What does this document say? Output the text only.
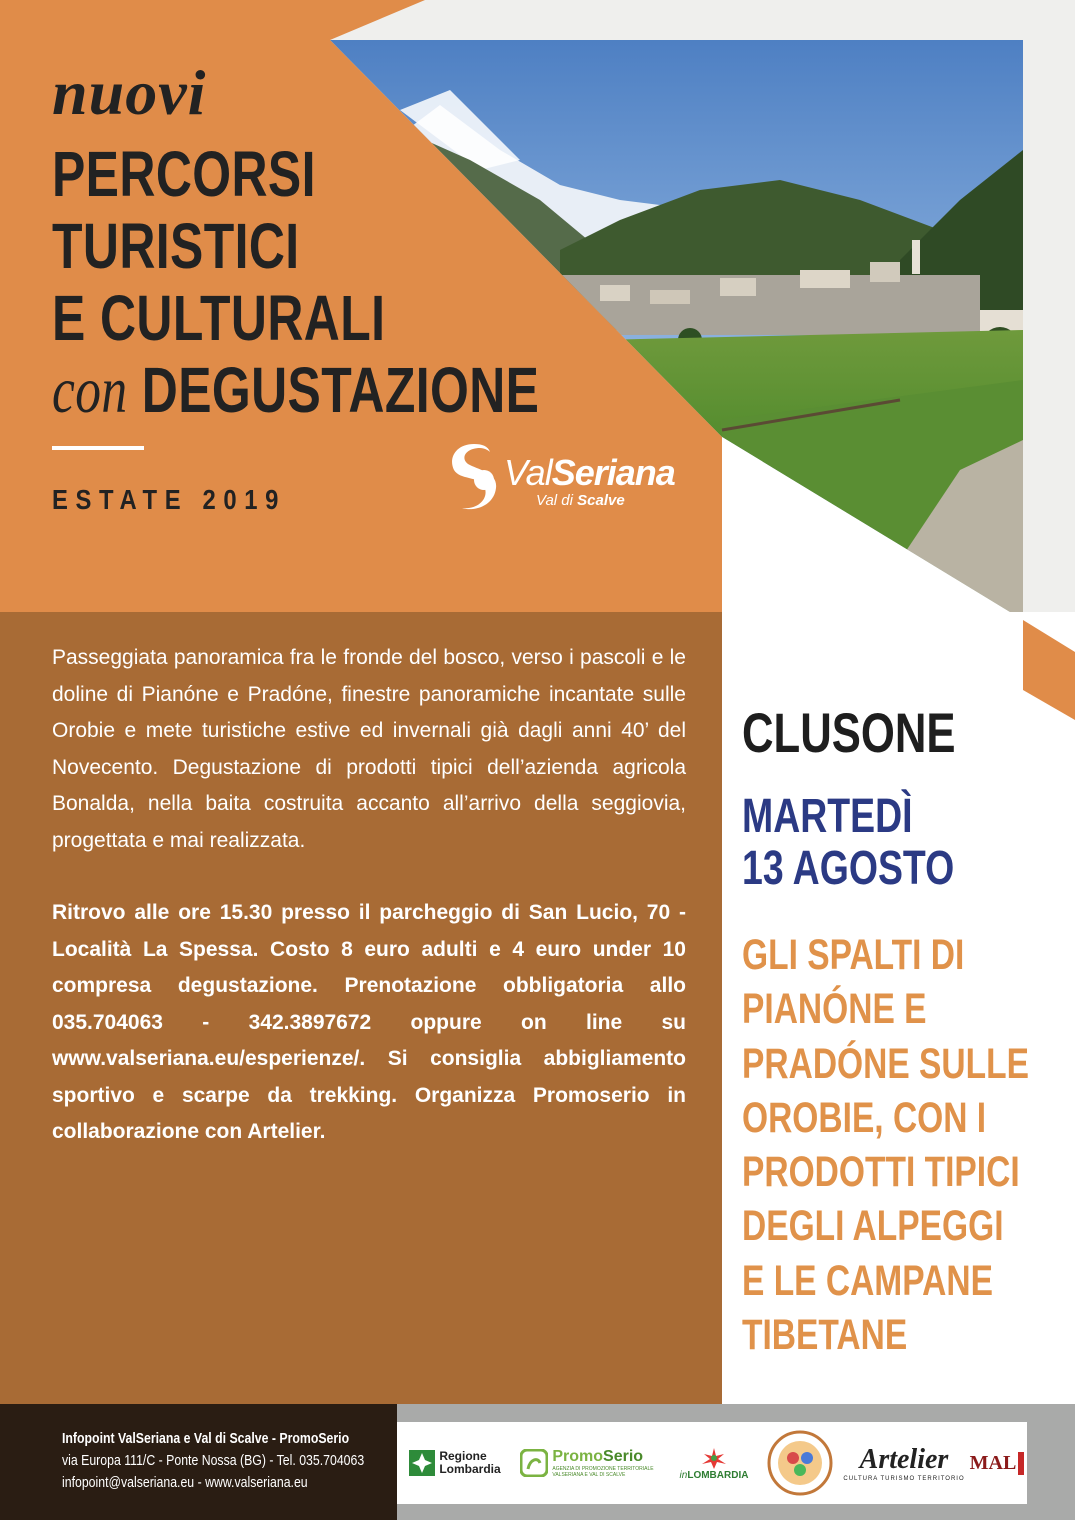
nuovi
PERCORSI
TURISTICI
E CULTURALI
con DEGUSTAZIONE
ESTATE 2019
ValSeriana
Val di Scalve

Passeggiata panoramica fra le fronde del bosco, verso i pascoli e le doline di Pianóne e Pradóne, finestre panoramiche incantate sulle Orobie e mete turistiche estive ed invernali già dagli anni 40’ del Novecento. Degustazione di prodotti tipici dell’azienda agricola Bonalda, nella baita costruita accanto all’arrivo della seggiovia, progettata e mai realizzata.

Ritrovo alle ore 15.30 presso il parcheggio di San Lucio, 70 - Località La Spessa. Costo 8 euro adulti e 4 euro under 10 compresa degustazione. Prenotazione obbligatoria allo 035.704063 - 342.3897672 oppure on line su www.valseriana.eu/esperienze/. Si consiglia abbigliamento sportivo e scarpe da trekking. Organizza Promoserio in collaborazione con Artelier.

CLUSONE
MARTEDÌ
13 AGOSTO
GLI SPALTI DI
PIANÓNE E
PRADÓNE SULLE
OROBIE, CON I
PRODOTTI TIPICI
DEGLI ALPEGGI
E LE CAMPANE
TIBETANE
Infopoint ValSeriana e Val di Scalve - PromoSerio
via Europa 111/C - Ponte Nossa (BG) - Tel. 035.704063
infopoint@valseriana.eu - www.valseriana.eu
Regione
Lombardia
PromoSerio
AGENZIA DI PROMOZIONE TERRITORIALE
VALSERIANA E VAL DI SCALVE	inLOMBARDIA	Artelier
CULTURA TURISMO TERRITORIO
MAL
